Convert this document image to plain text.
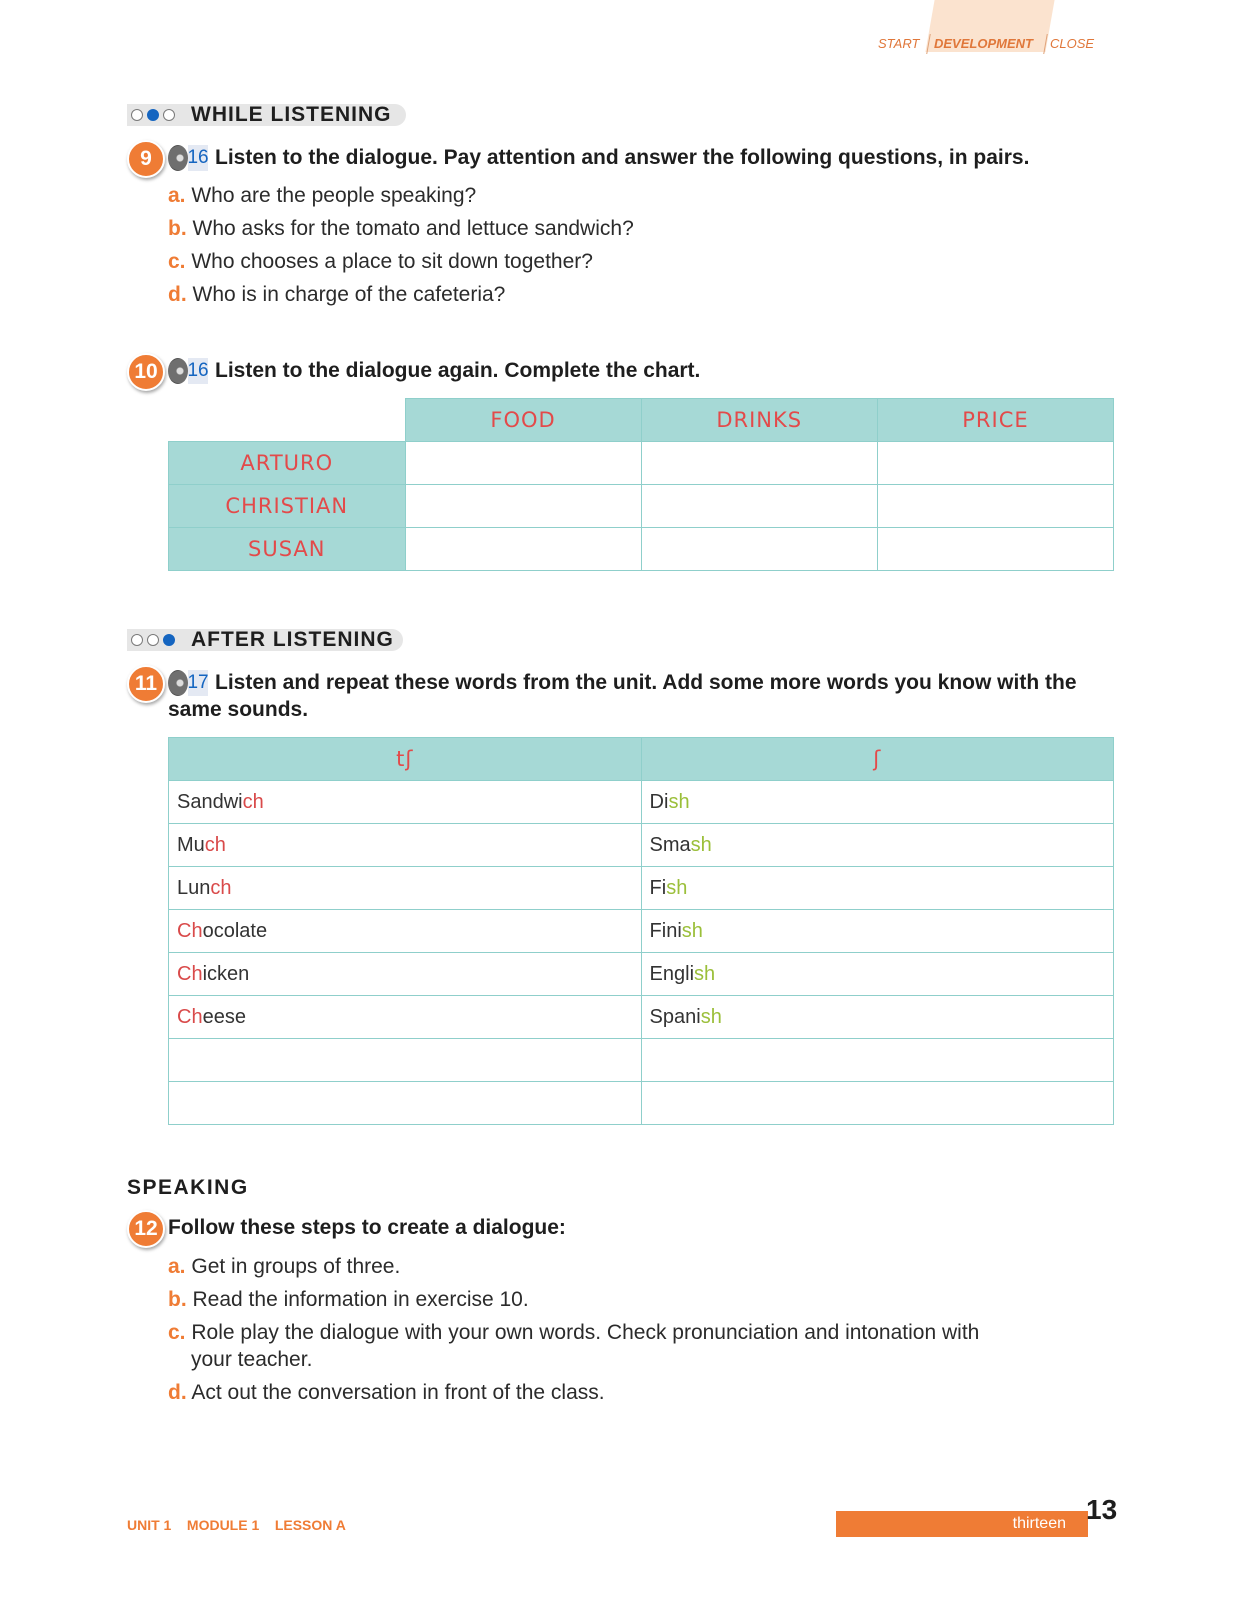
START DEVELOPMENT CLOSE
WHILE LISTENING
9	16 Listen to the dialogue. Pay attention and answer the following questions, in pairs.
a. Who are the people speaking?
b. Who asks for the tomato and lettuce sandwich?
c. Who chooses a place to sit down together?
d. Who is in charge of the cafeteria?
10	16 Listen to the dialogue again. Complete the chart.
	FOOD	DRINKS	PRICE
ARTURO			
CHRISTIAN			
SUSAN			
AFTER LISTENING
11	17 Listen and repeat these words from the unit. Add some more words you know with the
same sounds.
tʃ	ʃ
Sandwich	Dish
Much	Smash
Lunch	Fish
Chocolate	Finish
Chicken	English
Cheese	Spanish

SPEAKING
12 Follow these steps to create a dialogue:
a. Get in groups of three.
b. Read the information in exercise 10.
c. Role play the dialogue with your own words. Check pronunciation and intonation with
your teacher.
d. Act out the conversation in front of the class.
UNIT 1 MODULE 1 LESSON A	thirteen 13
